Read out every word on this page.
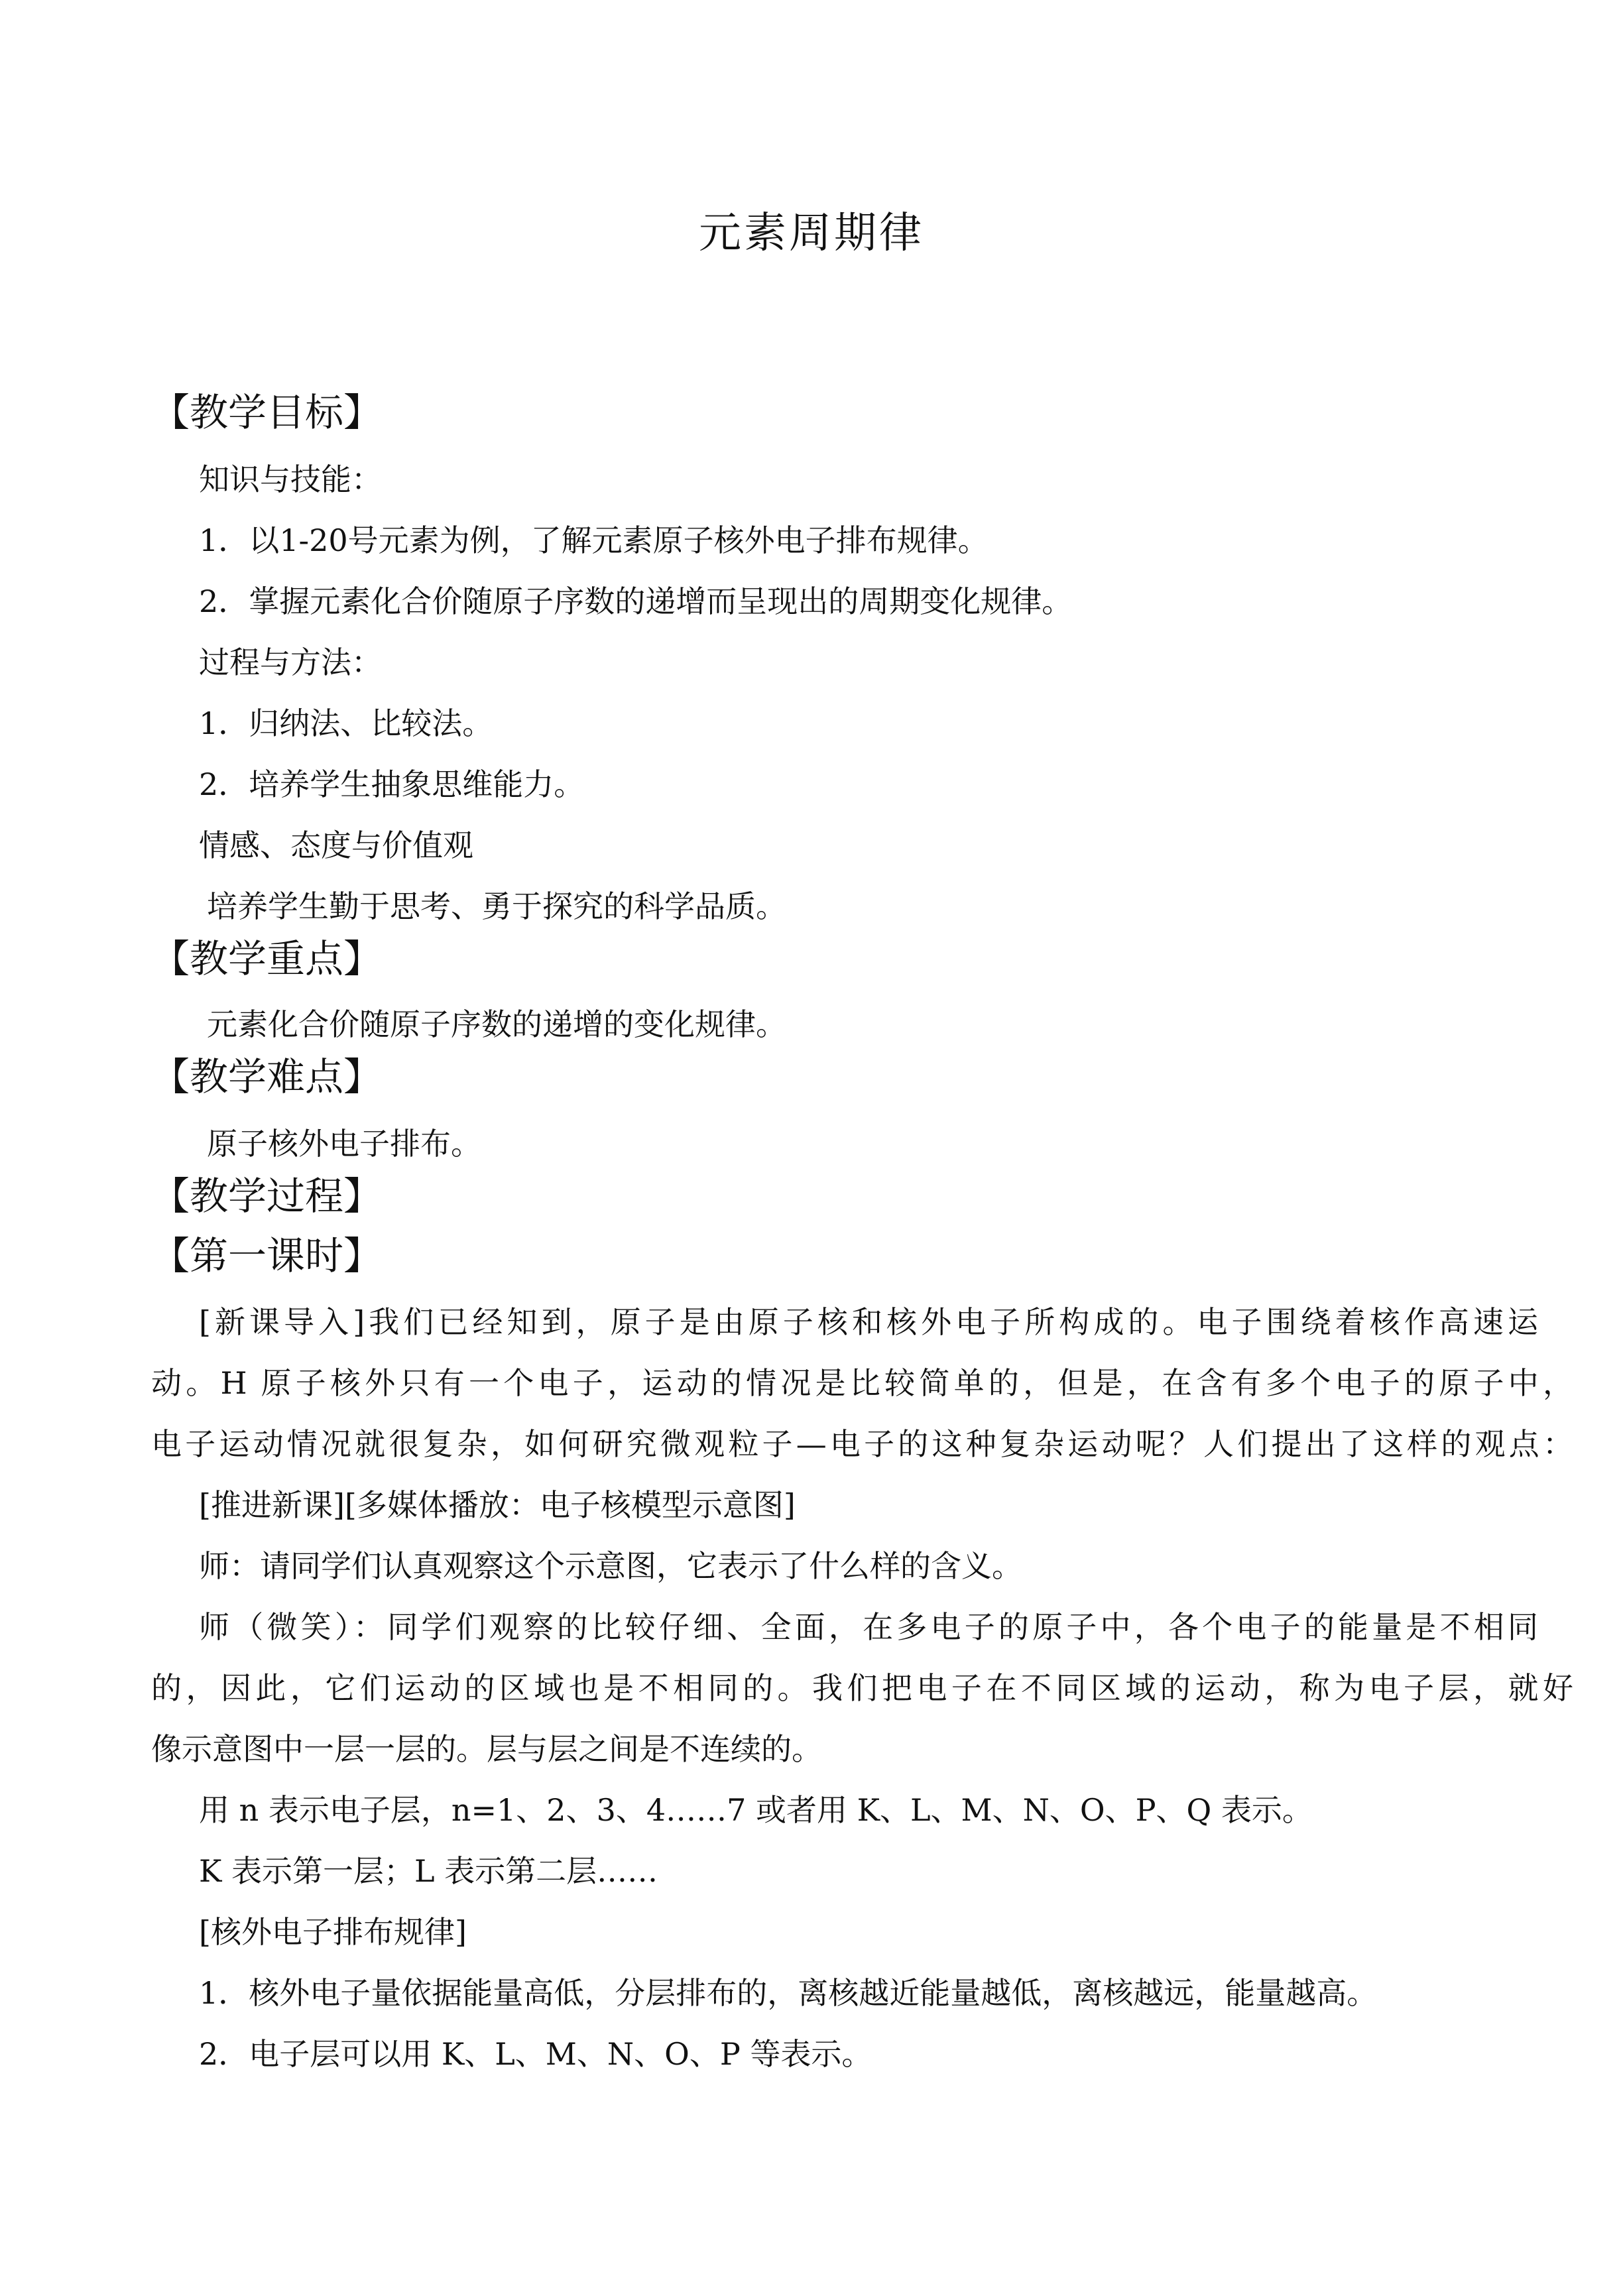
元素周期律
【教学目标】
知识与技能：
1．以1-20号元素为例，了解元素原子核外电子排布规律。
2．掌握元素化合价随原子序数的递增而呈现出的周期变化规律。
过程与方法：
1．归纳法、比较法。
2．培养学生抽象思维能力。
情感、态度与价值观
培养学生勤于思考、勇于探究的科学品质。
【教学重点】
元素化合价随原子序数的递增的变化规律。
【教学难点】
原子核外电子排布。
【教学过程】
【第一课时】
[新课导入]我们已经知到，原子是由原子核和核外电子所构成的。电子围绕着核作高速运
动。H 原子核外只有一个电子，运动的情况是比较简单的，但是，在含有多个电子的原子中，
电子运动情况就很复杂，如何研究微观粒子—电子的这种复杂运动呢？人们提出了这样的观点：
[推进新课][多媒体播放：电子核模型示意图]
师：请同学们认真观察这个示意图，它表示了什么样的含义。
师（微笑）：同学们观察的比较仔细、全面，在多电子的原子中，各个电子的能量是不相同
的，因此，它们运动的区域也是不相同的。我们把电子在不同区域的运动，称为电子层，就好
像示意图中一层一层的。层与层之间是不连续的。
用 n 表示电子层，n=1、2、3、4……7 或者用 K、L、M、N、O、P、Q 表示。
K 表示第一层；L 表示第二层……
[核外电子排布规律]
1．核外电子量依据能量高低，分层排布的，离核越近能量越低，离核越远，能量越高。
2．电子层可以用 K、L、M、N、O、P 等表示。
